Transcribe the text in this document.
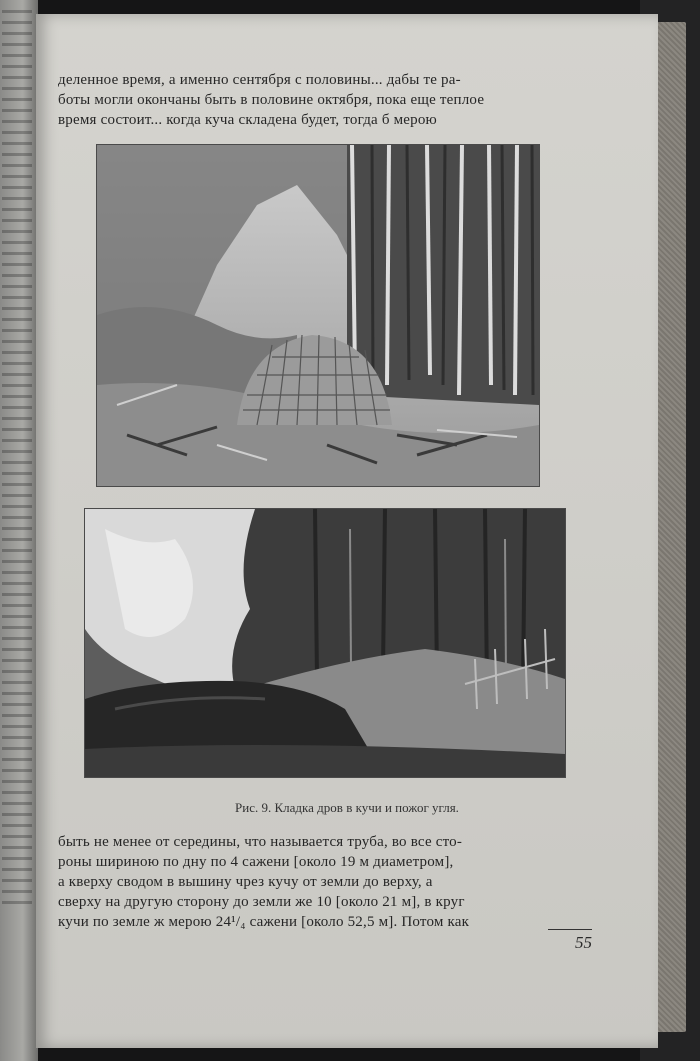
деленное время, а именно сентября с половины... дабы те ра-

боты могли окончаны быть в половине октября, пока еще теплое

время состоит... когда куча складена будет, тогда б мерою

Рис. 9. Кладка дров в кучи и пожог угля.

быть не менее от середины, что называется труба, во все сто-

роны шириною по дну по 4 сажени [около 19 м диаметром],

а кверху сводом в вышину чрез кучу от земли до верху, а

сверху на другую сторону до земли же 10 [около 21 м], в круг

кучи по земле ж мерою 24¹/₄ сажени [около 52,5 м]. Потом как

55
